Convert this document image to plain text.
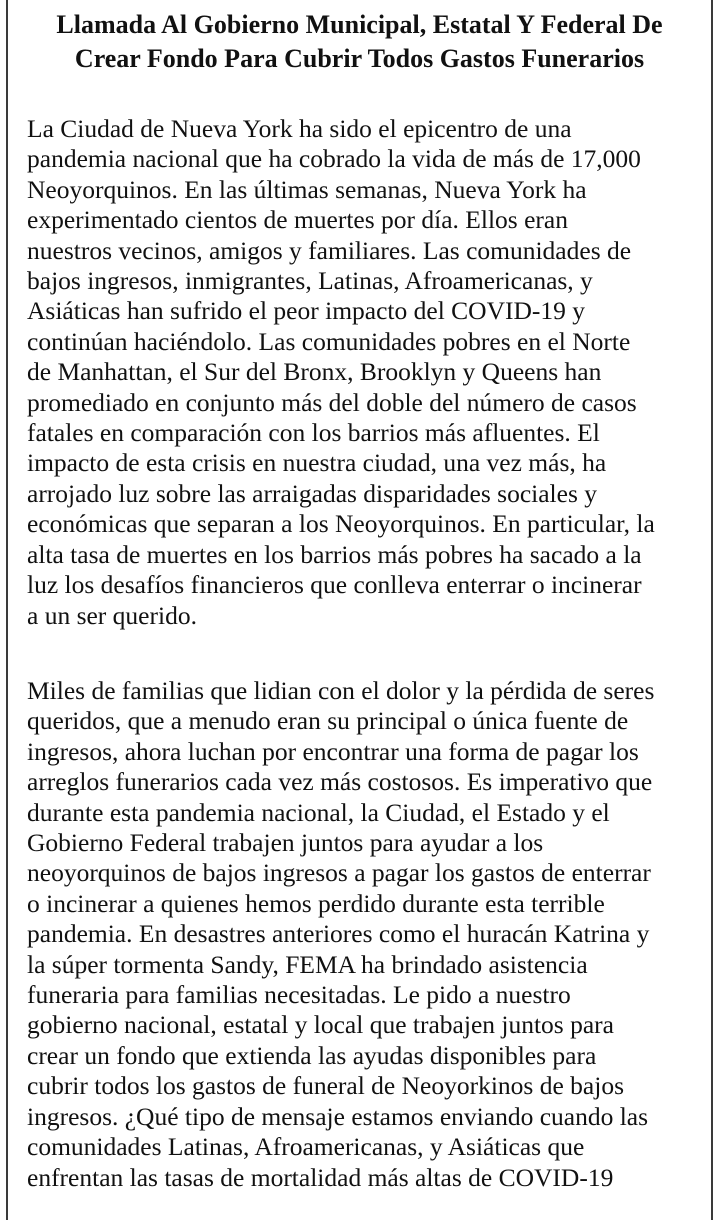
Llamada Al Gobierno Municipal, Estatal Y Federal De
Crear Fondo Para Cubrir Todos Gastos Funerarios

La Ciudad de Nueva York ha sido el epicentro de una
pandemia nacional que ha cobrado la vida de más de 17,000
Neoyorquinos. En las últimas semanas, Nueva York ha
experimentado cientos de muertes por día. Ellos eran
nuestros vecinos, amigos y familiares. Las comunidades de
bajos ingresos, inmigrantes, Latinas, Afroamericanas, y
Asiáticas han sufrido el peor impacto del COVID-19 y
continúan haciéndolo. Las comunidades pobres en el Norte
de Manhattan, el Sur del Bronx, Brooklyn y Queens han
promediado en conjunto más del doble del número de casos
fatales en comparación con los barrios más afluentes. El
impacto de esta crisis en nuestra ciudad, una vez más, ha
arrojado luz sobre las arraigadas disparidades sociales y
económicas que separan a los Neoyorquinos. En particular, la
alta tasa de muertes en los barrios más pobres ha sacado a la
luz los desafíos financieros que conlleva enterrar o incinerar
a un ser querido.

Miles de familias que lidian con el dolor y la pérdida de seres
queridos, que a menudo eran su principal o única fuente de
ingresos, ahora luchan por encontrar una forma de pagar los
arreglos funerarios cada vez más costosos. Es imperativo que
durante esta pandemia nacional, la Ciudad, el Estado y el
Gobierno Federal trabajen juntos para ayudar a los
neoyorquinos de bajos ingresos a pagar los gastos de enterrar
o incinerar a quienes hemos perdido durante esta terrible
pandemia. En desastres anteriores como el huracán Katrina y
la súper tormenta Sandy, FEMA ha brindado asistencia
funeraria para familias necesitadas. Le pido a nuestro
gobierno nacional, estatal y local que trabajen juntos para
crear un fondo que extienda las ayudas disponibles para
cubrir todos los gastos de funeral de Neoyorkinos de bajos
ingresos. ¿Qué tipo de mensaje estamos enviando cuando las
comunidades Latinas, Afroamericanas, y Asiáticas que
enfrentan las tasas de mortalidad más altas de COVID-19
